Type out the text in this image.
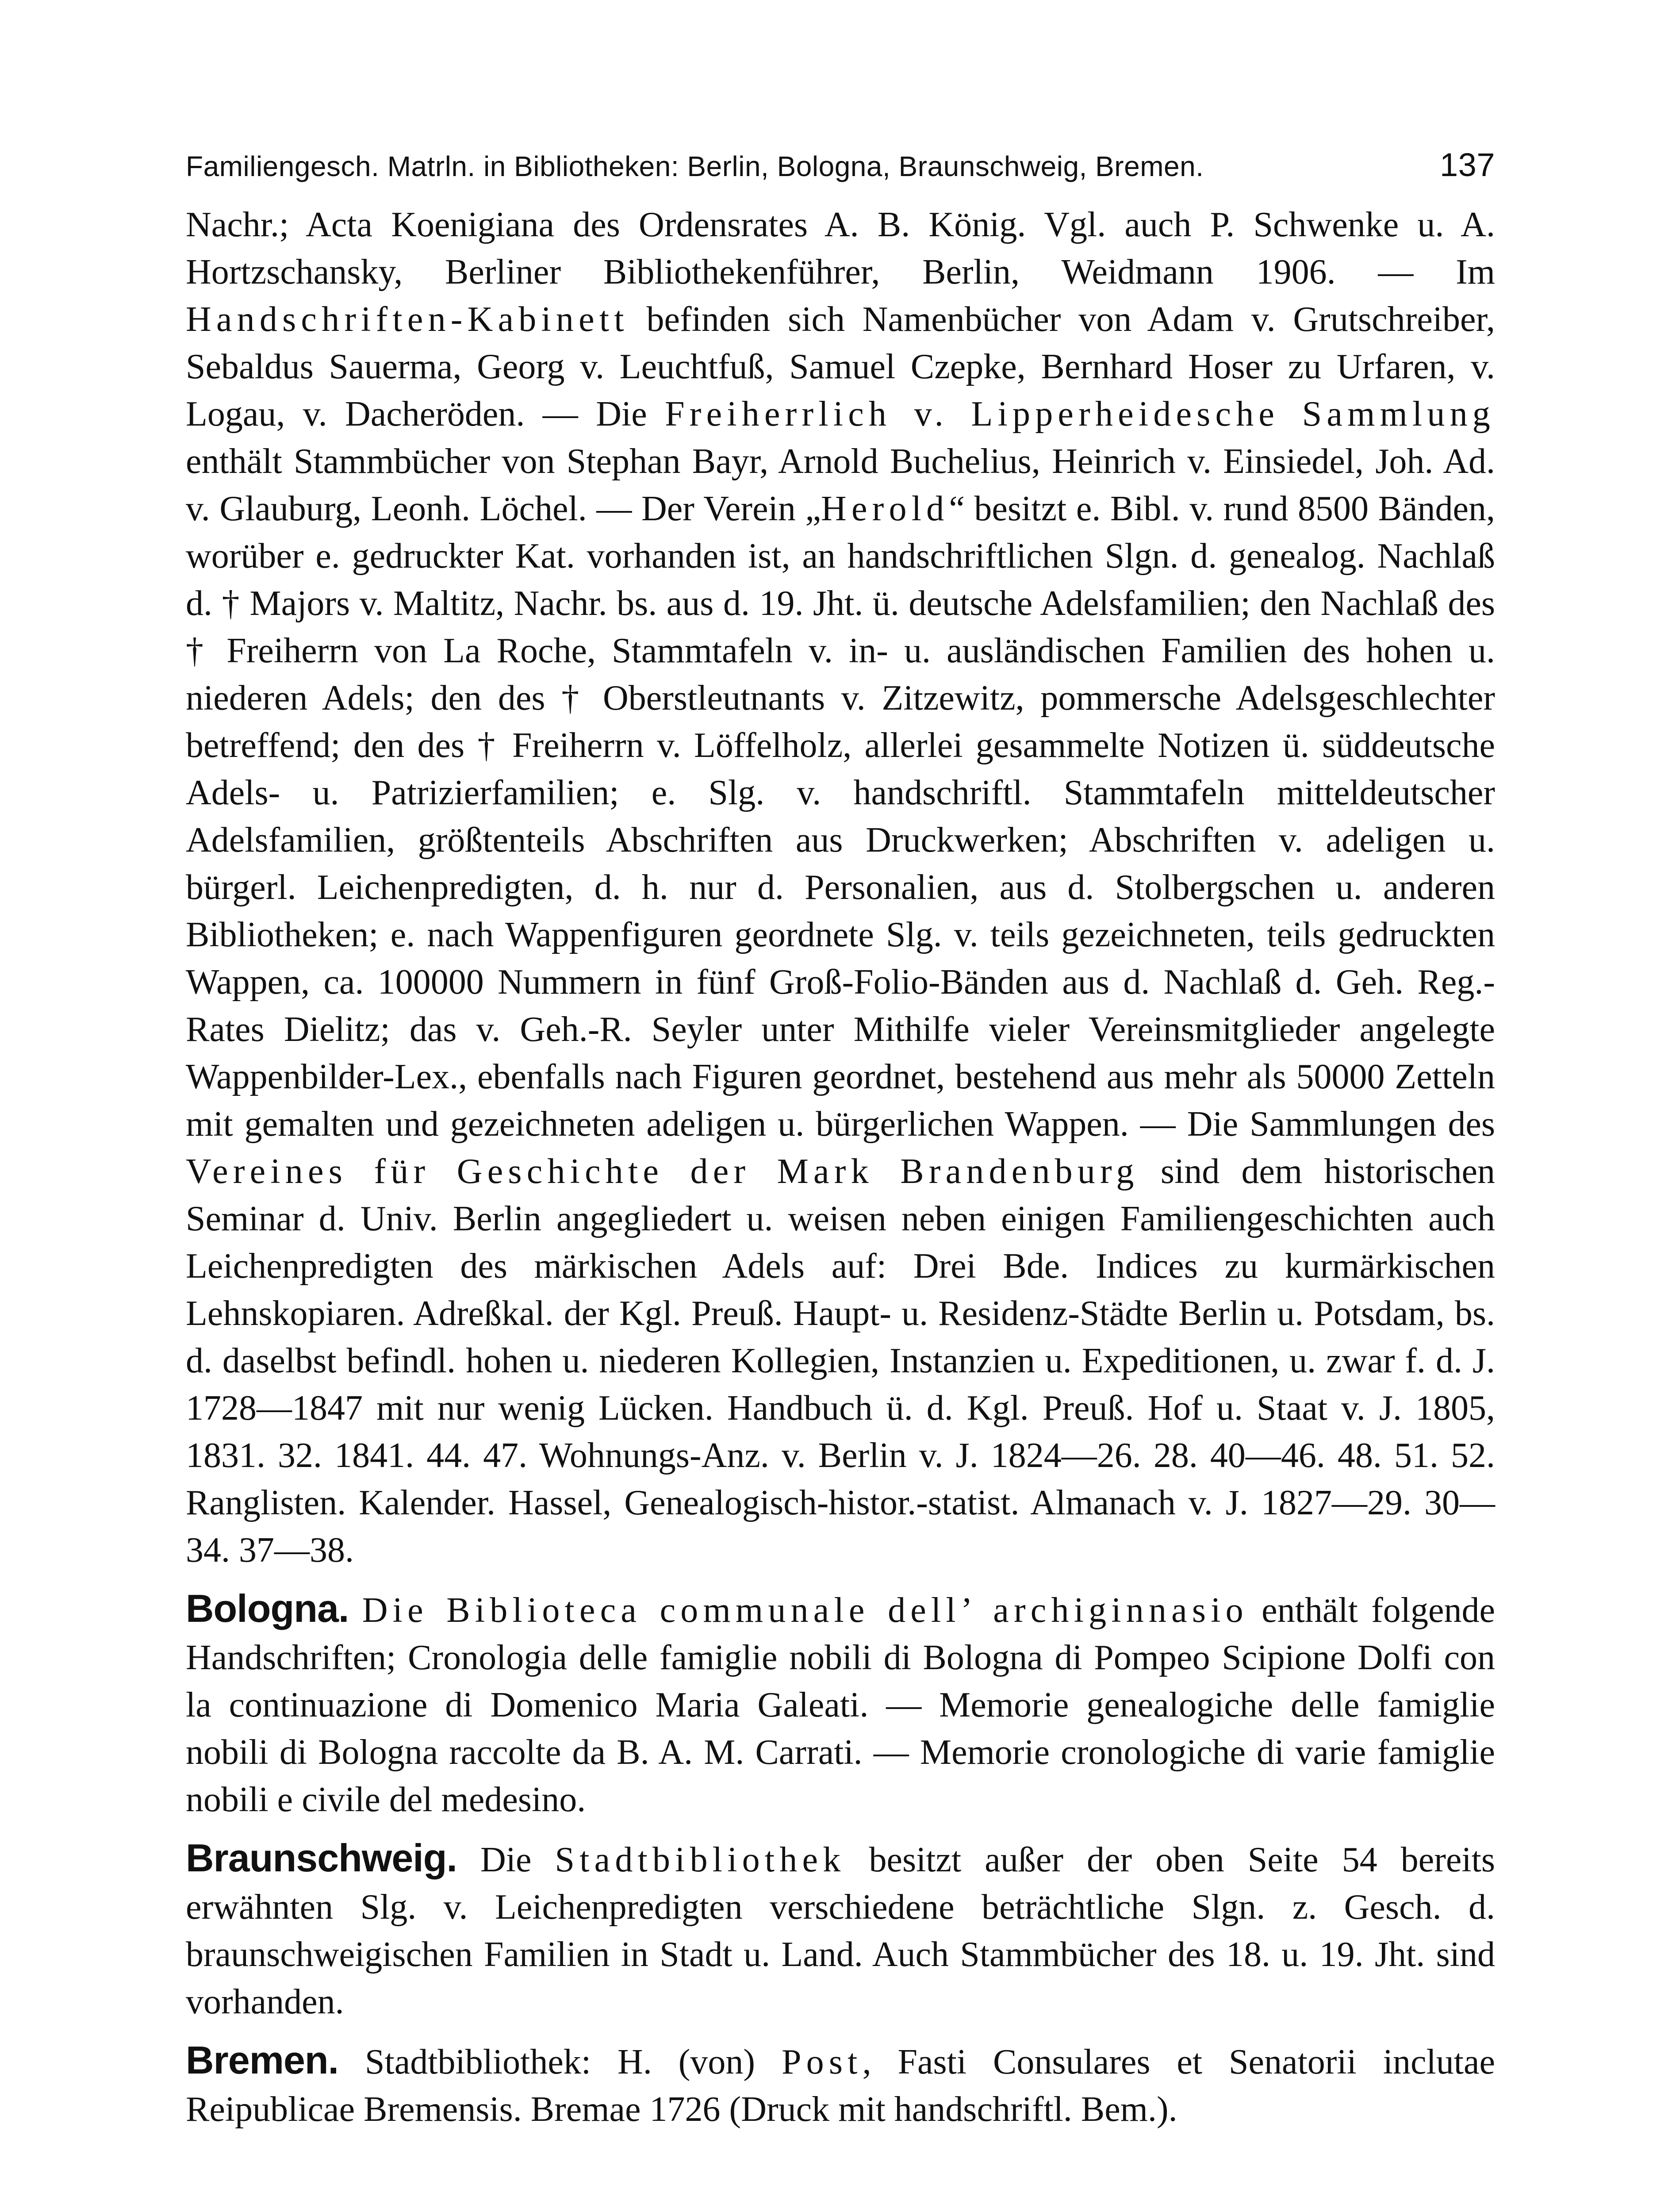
Familiengesch. Matrln. in Bibliotheken: Berlin, Bologna, Braunschweig, Bremen.	137

Nachr.; Acta Koenigiana des Ordensrates A. B. König. Vgl. auch P. Schwenke u. A. Hortzschansky, Berliner Bibliothekenführer, Berlin, Weidmann 1906. — Im Handschriften-Kabinett befinden sich Namenbücher von Adam v. Grutschreiber, Sebaldus Sauerma, Georg v. Leuchtfuß, Samuel Czepke, Bernhard Hoser zu Urfaren, v. Logau, v. Dacheröden. — Die Freiherrlich v. Lipperheidesche Sammlung enthält Stammbücher von Stephan Bayr, Arnold Buchelius, Heinrich v. Einsiedel, Joh. Ad. v. Glauburg, Leonh. Löchel. — Der Verein „Herold“ besitzt e. Bibl. v. rund 8500 Bänden, worüber e. gedruckter Kat. vorhanden ist, an handschriftlichen Slgn. d. genealog. Nachlaß d. † Majors v. Maltitz, Nachr. bs. aus d. 19. Jht. ü. deutsche Adelsfamilien; den Nachlaß des † Freiherrn von La Roche, Stammtafeln v. in- u. ausländischen Familien des hohen u. niederen Adels; den des † Oberstleutnants v. Zitzewitz, pommersche Adelsgeschlechter betreffend; den des † Freiherrn v. Löffelholz, allerlei gesammelte Notizen ü. süddeutsche Adels- u. Patrizierfamilien; e. Slg. v. handschriftl. Stammtafeln mitteldeutscher Adelsfamilien, größtenteils Abschriften aus Druckwerken; Abschriften v. adeligen u. bürgerl. Leichenpredigten, d. h. nur d. Personalien, aus d. Stolbergschen u. anderen Bibliotheken; e. nach Wappenfiguren geordnete Slg. v. teils gezeichneten, teils gedruckten Wappen, ca. 100000 Nummern in fünf Groß-Folio-Bänden aus d. Nachlaß d. Geh. Reg.-Rates Dielitz; das v. Geh.-R. Seyler unter Mithilfe vieler Vereinsmitglieder angelegte Wappenbilder-Lex., ebenfalls nach Figuren geordnet, bestehend aus mehr als 50000 Zetteln mit gemalten und gezeichneten adeligen u. bürgerlichen Wappen. — Die Sammlungen des Vereines für Geschichte der Mark Brandenburg sind dem historischen Seminar d. Univ. Berlin angegliedert u. weisen neben einigen Familiengeschichten auch Leichenpredigten des märkischen Adels auf: Drei Bde. Indices zu kurmärkischen Lehnskopiaren. Adreßkal. der Kgl. Preuß. Haupt- u. Residenz-Städte Berlin u. Potsdam, bs. d. daselbst befindl. hohen u. niederen Kollegien, Instanzien u. Expeditionen, u. zwar f. d. J. 1728—1847 mit nur wenig Lücken. Handbuch ü. d. Kgl. Preuß. Hof u. Staat v. J. 1805, 1831. 32. 1841. 44. 47. Wohnungs-Anz. v. Berlin v. J. 1824—26. 28. 40—46. 48. 51. 52. Ranglisten. Kalender. Hassel, Genealogisch-histor.-statist. Almanach v. J. 1827—29. 30—34. 37—38.

Bologna. Die Biblioteca communale dell’ archiginnasio enthält folgende Handschriften; Cronologia delle famiglie nobili di Bologna di Pompeo Scipione Dolfi con la continuazione di Domenico Maria Galeati. — Memorie genealogiche delle famiglie nobili di Bologna raccolte da B. A. M. Carrati. — Memorie cronologiche di varie famiglie nobili e civile del medesino.

Braunschweig. Die Stadtbibliothek besitzt außer der oben Seite 54 bereits erwähnten Slg. v. Leichenpredigten verschiedene beträchtliche Slgn. z. Gesch. d. braunschweigischen Familien in Stadt u. Land. Auch Stammbücher des 18. u. 19. Jht. sind vorhanden.

Bremen. Stadtbibliothek: H. (von) Post, Fasti Consulares et Senatorii inclutae Reipublicae Bremensis. Bremae 1726 (Druck mit handschriftl. Bem.).
